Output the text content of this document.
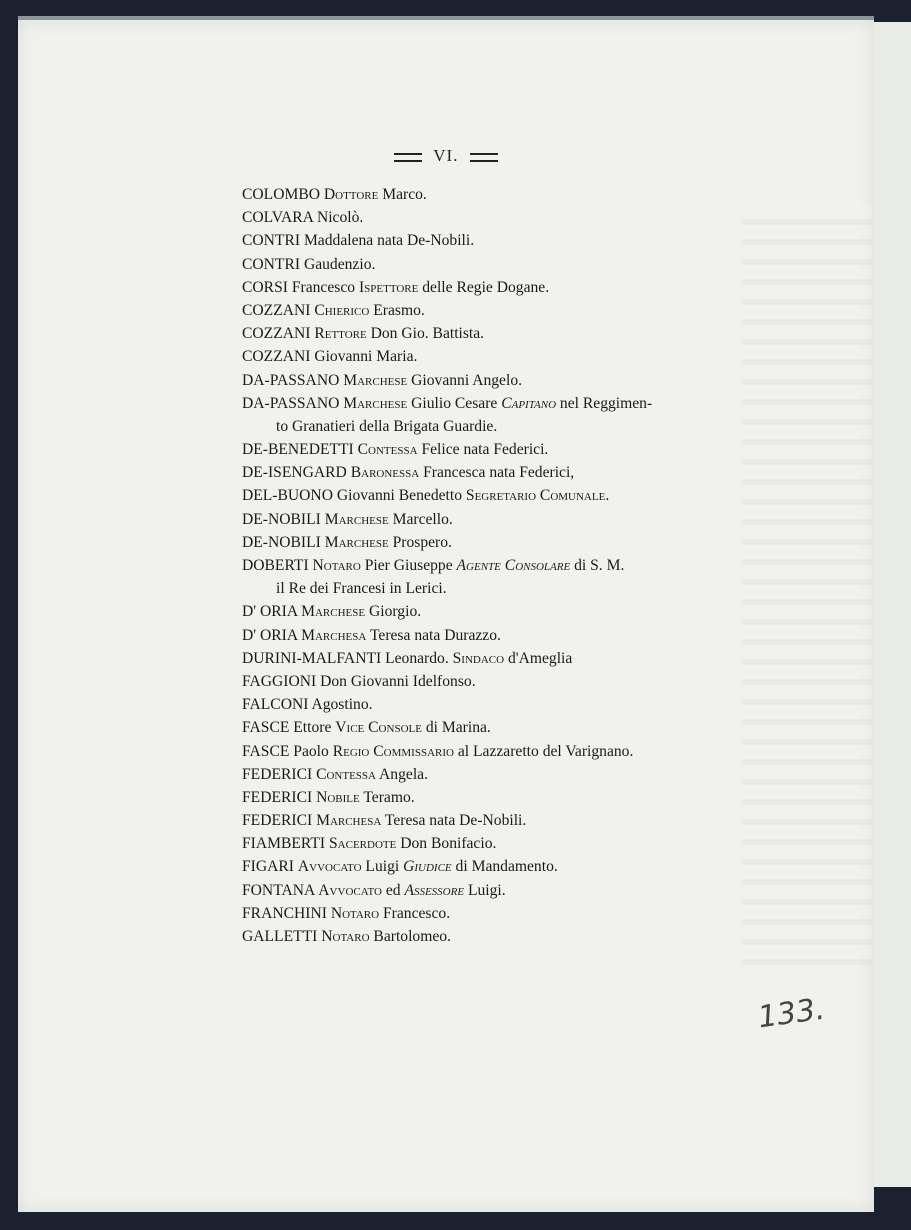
VI.
COLOMBO Dottore Marco.
COLVARA Nicolò.
CONTRI Maddalena nata De-Nobili.
CONTRI Gaudenzio.
CORSI Francesco Ispettore delle Regie Dogane.
COZZANI Chierico Erasmo.
COZZANI Rettore Don Gio. Battista.
COZZANI Giovanni Maria.
DA-PASSANO Marchese Giovanni Angelo.
DA-PASSANO Marchese Giulio Cesare Capitano nel Reggimen-
to Granatieri della Brigata Guardie.
DE-BENEDETTI Contessa Felice nata Federici.
DE-ISENGARD Baronessa Francesca nata Federici,
DEL-BUONO Giovanni Benedetto Segretario Comunale.
DE-NOBILI Marchese Marcello.
DE-NOBILI Marchese Prospero.
DOBERTI Notaro Pier Giuseppe Agente Consolare di S. M.
il Re dei Francesi in Lerici.
D' ORIA Marchese Giorgio.
D' ORIA Marchesa Teresa nata Durazzo.
DURINI-MALFANTI Leonardo. Sindaco d'Ameglia
FAGGIONI Don Giovanni Idelfonso.
FALCONI Agostino.
FASCE Ettore Vice Console di Marina.
FASCE Paolo Regio Commissario al Lazzaretto del Varignano.
FEDERICI Contessa Angela.
FEDERICI Nobile Teramo.
FEDERICI Marchesa Teresa nata De-Nobili.
FIAMBERTI Sacerdote Don Bonifacio.
FIGARI Avvocato Luigi Giudice di Mandamento.
FONTANA Avvocato ed Assessore Luigi.
FRANCHINI Notaro Francesco.
GALLETTI Notaro Bartolomeo.
133.
